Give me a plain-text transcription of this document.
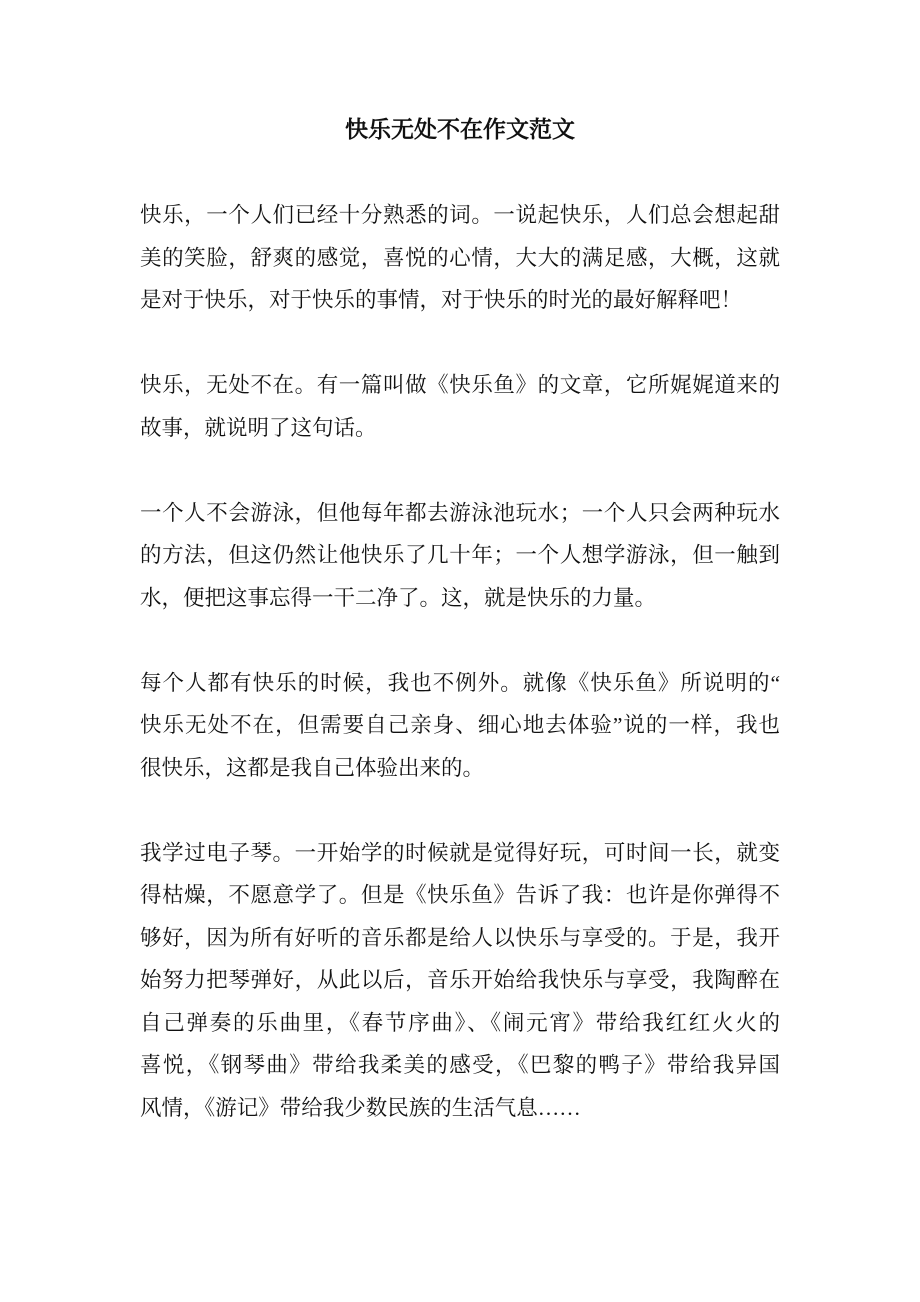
快乐无处不在作文范文
快乐，一个人们已经十分熟悉的词。一说起快乐，人们总会想起甜
美的笑脸，舒爽的感觉，喜悦的心情，大大的满足感，大概，这就
是对于快乐，对于快乐的事情，对于快乐的时光的最好解释吧！
快乐，无处不在。有一篇叫做《快乐鱼》的文章，它所娓娓道来的
故事，就说明了这句话。
一个人不会游泳，但他每年都去游泳池玩水；一个人只会两种玩水
的方法，但这仍然让他快乐了几十年；一个人想学游泳，但一触到
水，便把这事忘得一干二净了。这，就是快乐的力量。
每个人都有快乐的时候，我也不例外。就像《快乐鱼》所说明的“
快乐无处不在，但需要自己亲身、细心地去体验”说的一样，我也
很快乐，这都是我自己体验出来的。
我学过电子琴。一开始学的时候就是觉得好玩，可时间一长，就变
得枯燥，不愿意学了。但是《快乐鱼》告诉了我：也许是你弹得不
够好，因为所有好听的音乐都是给人以快乐与享受的。于是，我开
始努力把琴弹好，从此以后，音乐开始给我快乐与享受，我陶醉在
自己弹奏的乐曲里，《春节序曲》、《闹元宵》带给我红红火火的
喜悦，《钢琴曲》带给我柔美的感受，《巴黎的鸭子》带给我异国
风情，《游记》带给我少数民族的生活气息……
